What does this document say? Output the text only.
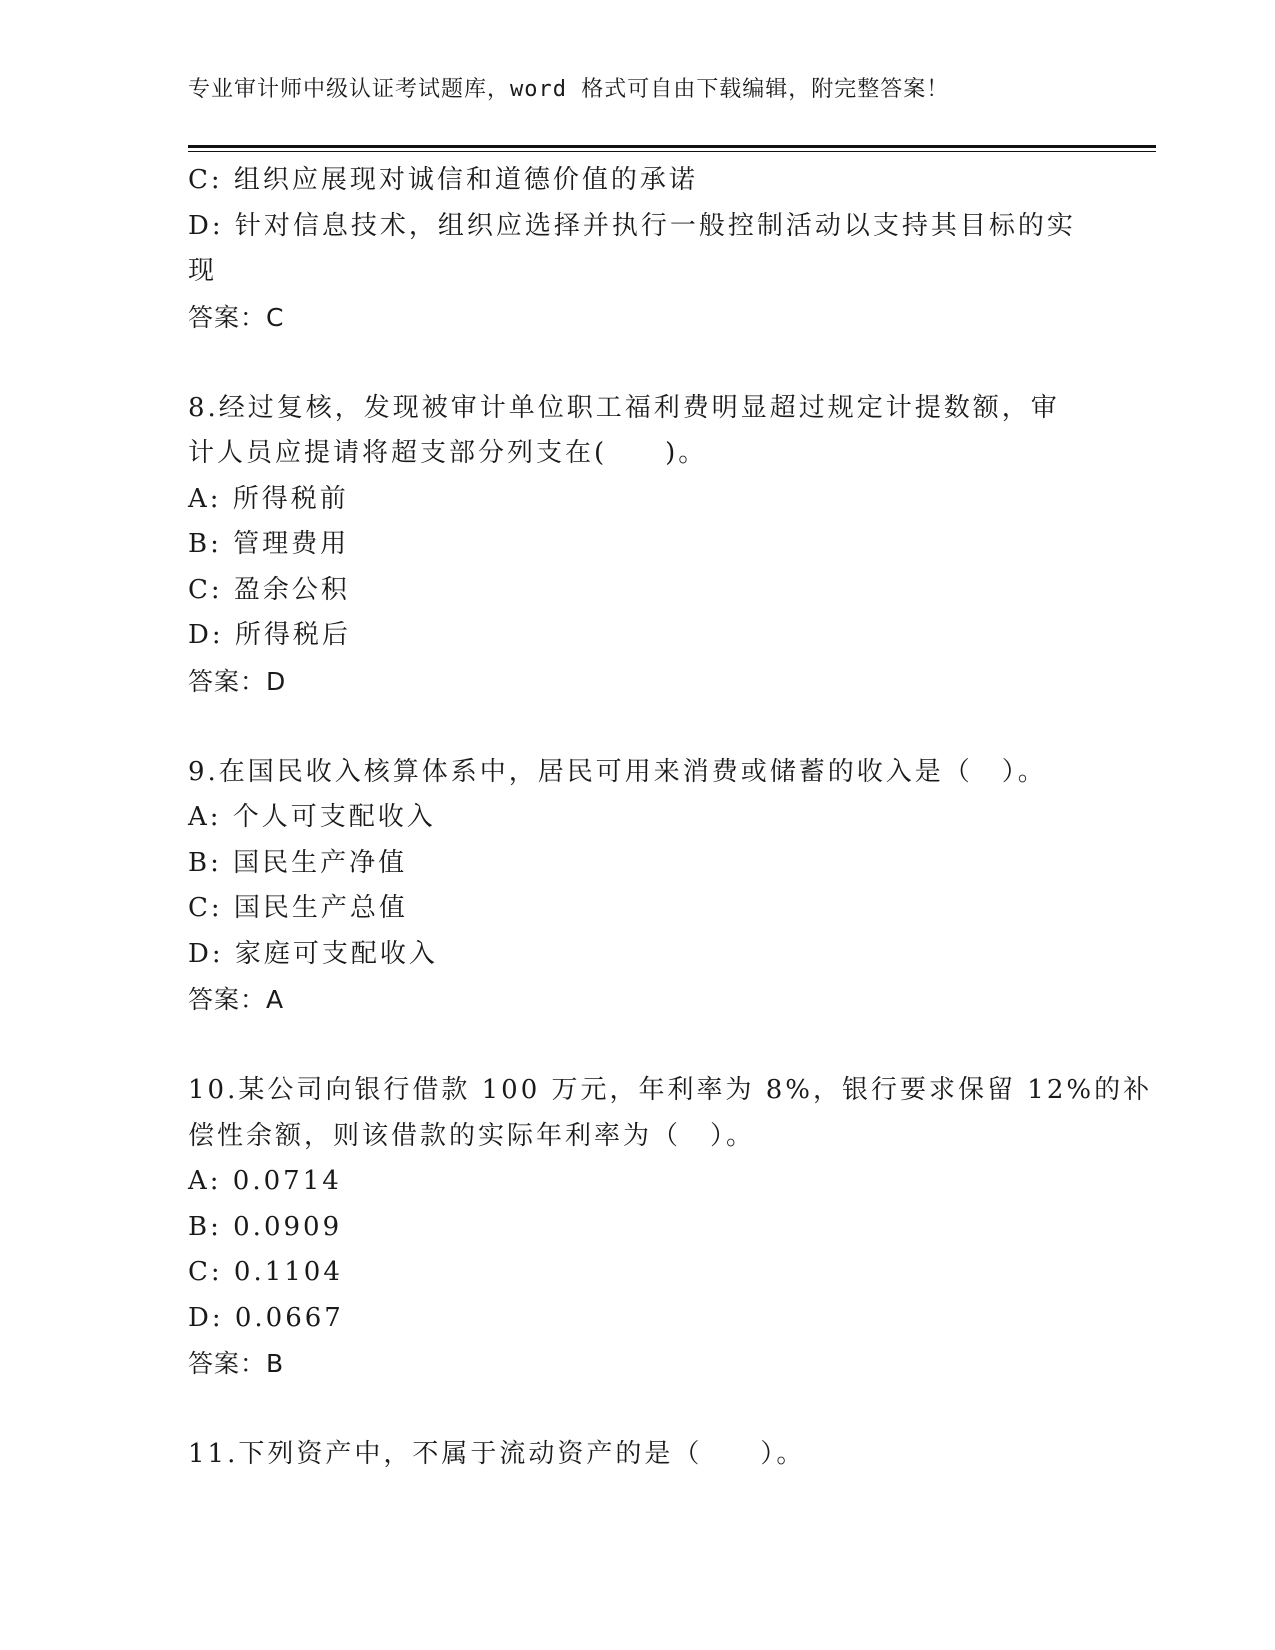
专业审计师中级认证考试题库，word 格式可自由下载编辑，附完整答案！
C: 组织应展现对诚信和道德价值的承诺
D: 针对信息技术，组织应选择并执行一般控制活动以支持其目标的实
现
答案：C
8.经过复核，发现被审计单位职工福利费明显超过规定计提数额，审
计人员应提请将超支部分列支在(　　)。
A: 所得税前
B: 管理费用
C: 盈余公积
D: 所得税后
答案：D
9.在国民收入核算体系中，居民可用来消费或储蓄的收入是（　）。
A: 个人可支配收入
B: 国民生产净值
C: 国民生产总值
D: 家庭可支配收入
答案：A
10.某公司向银行借款 100 万元，年利率为 8%，银行要求保留 12%的补
偿性余额，则该借款的实际年利率为（　）。
A: 0.0714
B: 0.0909
C: 0.1104
D: 0.0667
答案：B
11.下列资产中，不属于流动资产的是（　　）。
